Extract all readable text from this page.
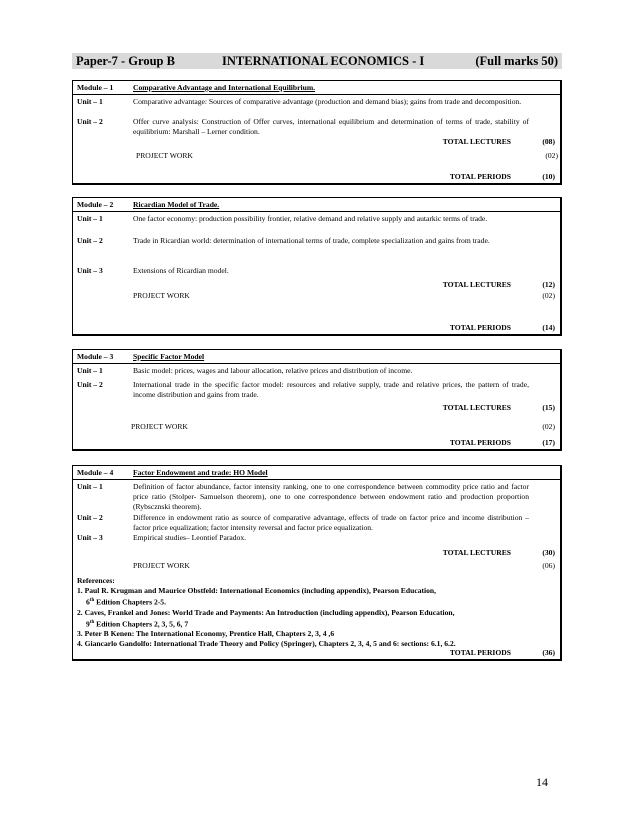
Paper-7 - Group B	INTERNATIONAL ECONOMICS - I	(Full marks 50)
Module – 1	Comparative Advantage and International Equilibrium.
Unit – 1	Comparative advantage: Sources of comparative advantage (production and demand bias); gains from trade and decomposition.
Unit – 2	Offer curve analysis: Construction of Offer curves, international equilibrium and determination of terms of trade, stability of equilibrium: Marshall – Lerner condition.
TOTAL LECTURES	(08)
PROJECT WORK	(02)
TOTAL PERIODS	(10)
Module – 2	Ricardian Model of Trade.
Unit – 1	One factor economy: production possibility frontier, relative demand and relative supply and autarkic terms of trade.
Unit – 2	Trade in Ricardian world: determination of international terms of trade, complete specialization and gains from trade.
Unit – 3	Extensions of Ricardian model.
TOTAL LECTURES	(12)
PROJECT WORK	(02)
TOTAL PERIODS	(14)
Module – 3	Specific Factor Model
Unit – 1	Basic model: prices, wages and labour allocation, relative prices and distribution of income.
Unit – 2	International trade in the specific factor model: resources and relative supply, trade and relative prices, the pattern of trade, income distribution and gains from trade.
TOTAL LECTURES	(15)
PROJECT WORK	(02)
TOTAL PERIODS	(17)
Module – 4	Factor Endowment and trade: HO Model
Unit – 1	Definition of factor abundance, factor intensity ranking, one to one correspondence between commodity price ratio and factor price ratio (Stolper- Samuelson theorem), one to one correspondence between endowment ratio and production proportion (Rybscznski theorem).
Unit – 2	Difference in endowment ratio as source of comparative advantage, effects of trade on factor price and income distribution – factor price equalization; factor intensity reversal and factor price equalization.
Unit – 3	Empirical studies– Leontief Paradox.
TOTAL LECTURES	(30)
PROJECT WORK	(06)
References:
1. Paul R. Krugman and Maurice Obstfeld: International Economics (including appendix), Pearson Education,
6th Edition Chapters 2-5.
2. Caves, Frankel and Jones: World Trade and Payments: An Introduction (including appendix), Pearson Education,
9th Edition Chapters 2, 3, 5, 6, 7
3. Peter B Kenen: The International Economy, Prentice Hall, Chapters 2, 3, 4 ,6
4. Giancarlo Gandolfo: International Trade Theory and Policy (Springer), Chapters 2, 3, 4, 5 and 6: sections: 6.1, 6.2.
TOTAL PERIODS	(36)
14
